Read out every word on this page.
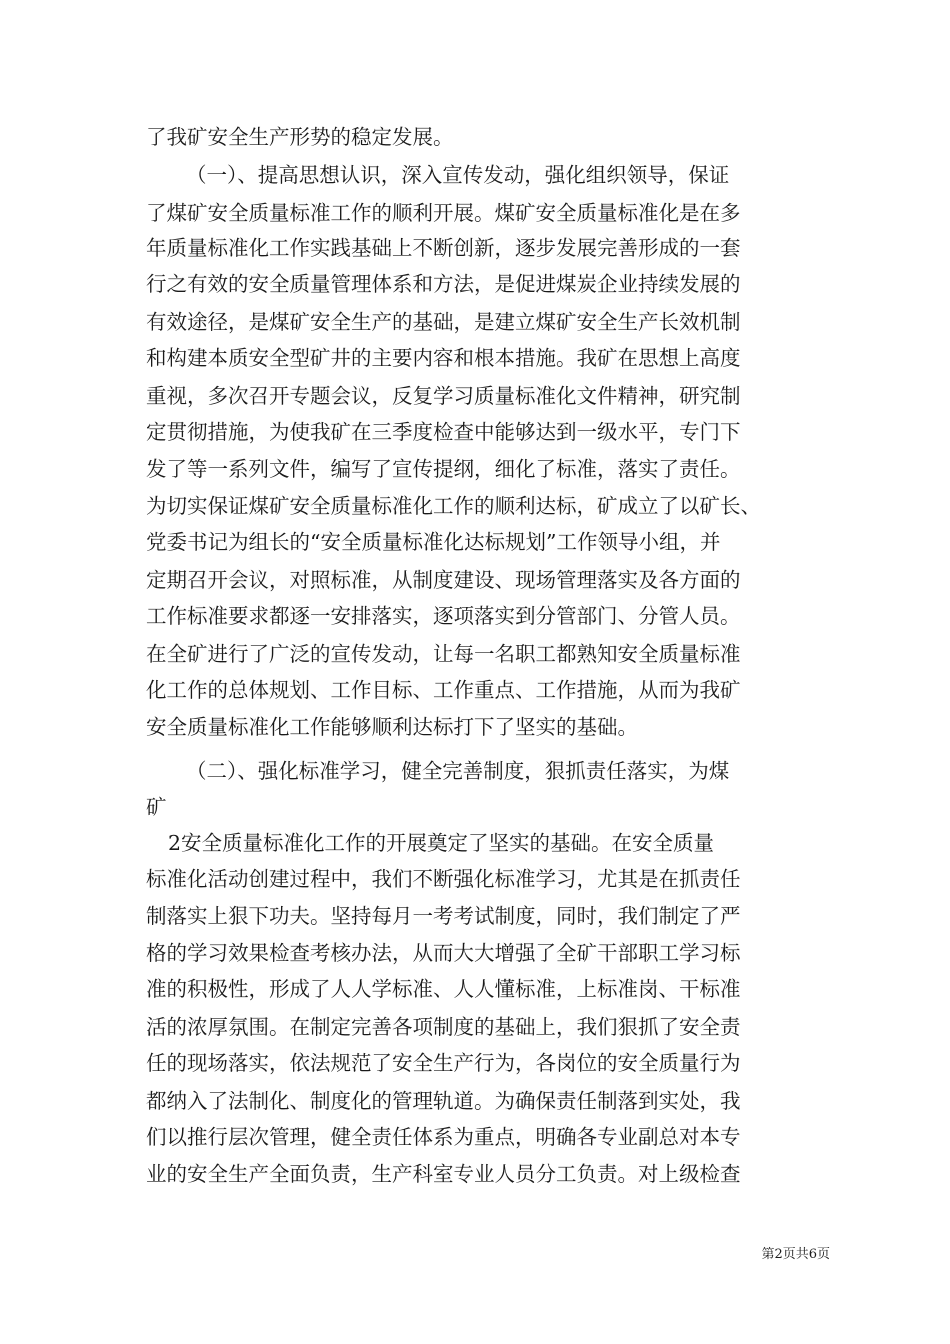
了我矿安全生产形势的稳定发展。
（一）、提高思想认识，深入宣传发动，强化组织领导，保证
了煤矿安全质量标准工作的顺利开展。煤矿安全质量标准化是在多
年质量标准化工作实践基础上不断创新，逐步发展完善形成的一套
行之有效的安全质量管理体系和方法，是促进煤炭企业持续发展的
有效途径，是煤矿安全生产的基础，是建立煤矿安全生产长效机制
和构建本质安全型矿井的主要内容和根本措施。我矿在思想上高度
重视，多次召开专题会议，反复学习质量标准化文件精神，研究制
定贯彻措施，为使我矿在三季度检查中能够达到一级水平，专门下
发了等一系列文件，编写了宣传提纲，细化了标准，落实了责任。
为切实保证煤矿安全质量标准化工作的顺利达标，矿成立了以矿长、
党委书记为组长的“安全质量标准化达标规划”工作领导小组，并
定期召开会议，对照标准，从制度建设、现场管理落实及各方面的
工作标准要求都逐一安排落实，逐项落实到分管部门、分管人员。
在全矿进行了广泛的宣传发动，让每一名职工都熟知安全质量标准
化工作的总体规划、工作目标、工作重点、工作措施，从而为我矿
安全质量标准化工作能够顺利达标打下了坚实的基础。
（二）、强化标准学习，健全完善制度，狠抓责任落实，为煤
矿
2安全质量标准化工作的开展奠定了坚实的基础。在安全质量
标准化活动创建过程中，我们不断强化标准学习，尤其是在抓责任
制落实上狠下功夫。坚持每月一考考试制度，同时，我们制定了严
格的学习效果检查考核办法，从而大大增强了全矿干部职工学习标
准的积极性，形成了人人学标准、人人懂标准，上标准岗、干标准
活的浓厚氛围。在制定完善各项制度的基础上，我们狠抓了安全责
任的现场落实，依法规范了安全生产行为，各岗位的安全质量行为
都纳入了法制化、制度化的管理轨道。为确保责任制落到实处，我
们以推行层次管理，健全责任体系为重点，明确各专业副总对本专
业的安全生产全面负责，生产科室专业人员分工负责。对上级检查
第2页共6页
